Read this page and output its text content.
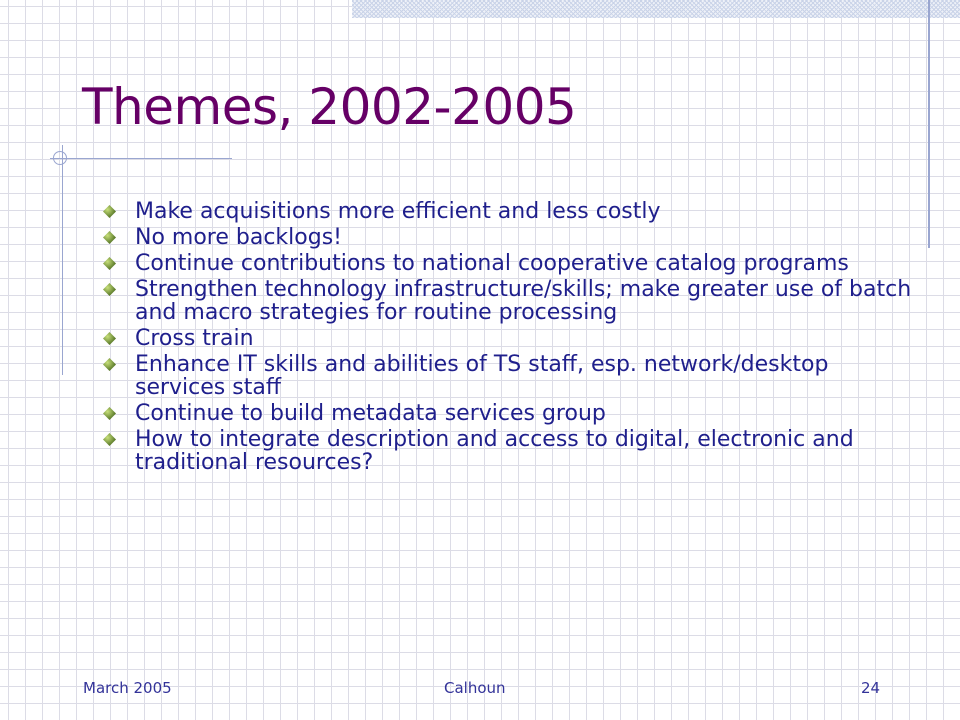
Themes, 2002-2005
Make acquisitions more efficient and less costly
No more backlogs!
Continue contributions to national cooperative catalog programs
Strengthen technology infrastructure/skills; make greater use of batch and macro strategies for routine processing
Cross train
Enhance IT skills and abilities of TS staff, esp. network/desktop services staff
Continue to build metadata services group
How to integrate description and access to digital, electronic and traditional resources?
March 2005	Calhoun	24
